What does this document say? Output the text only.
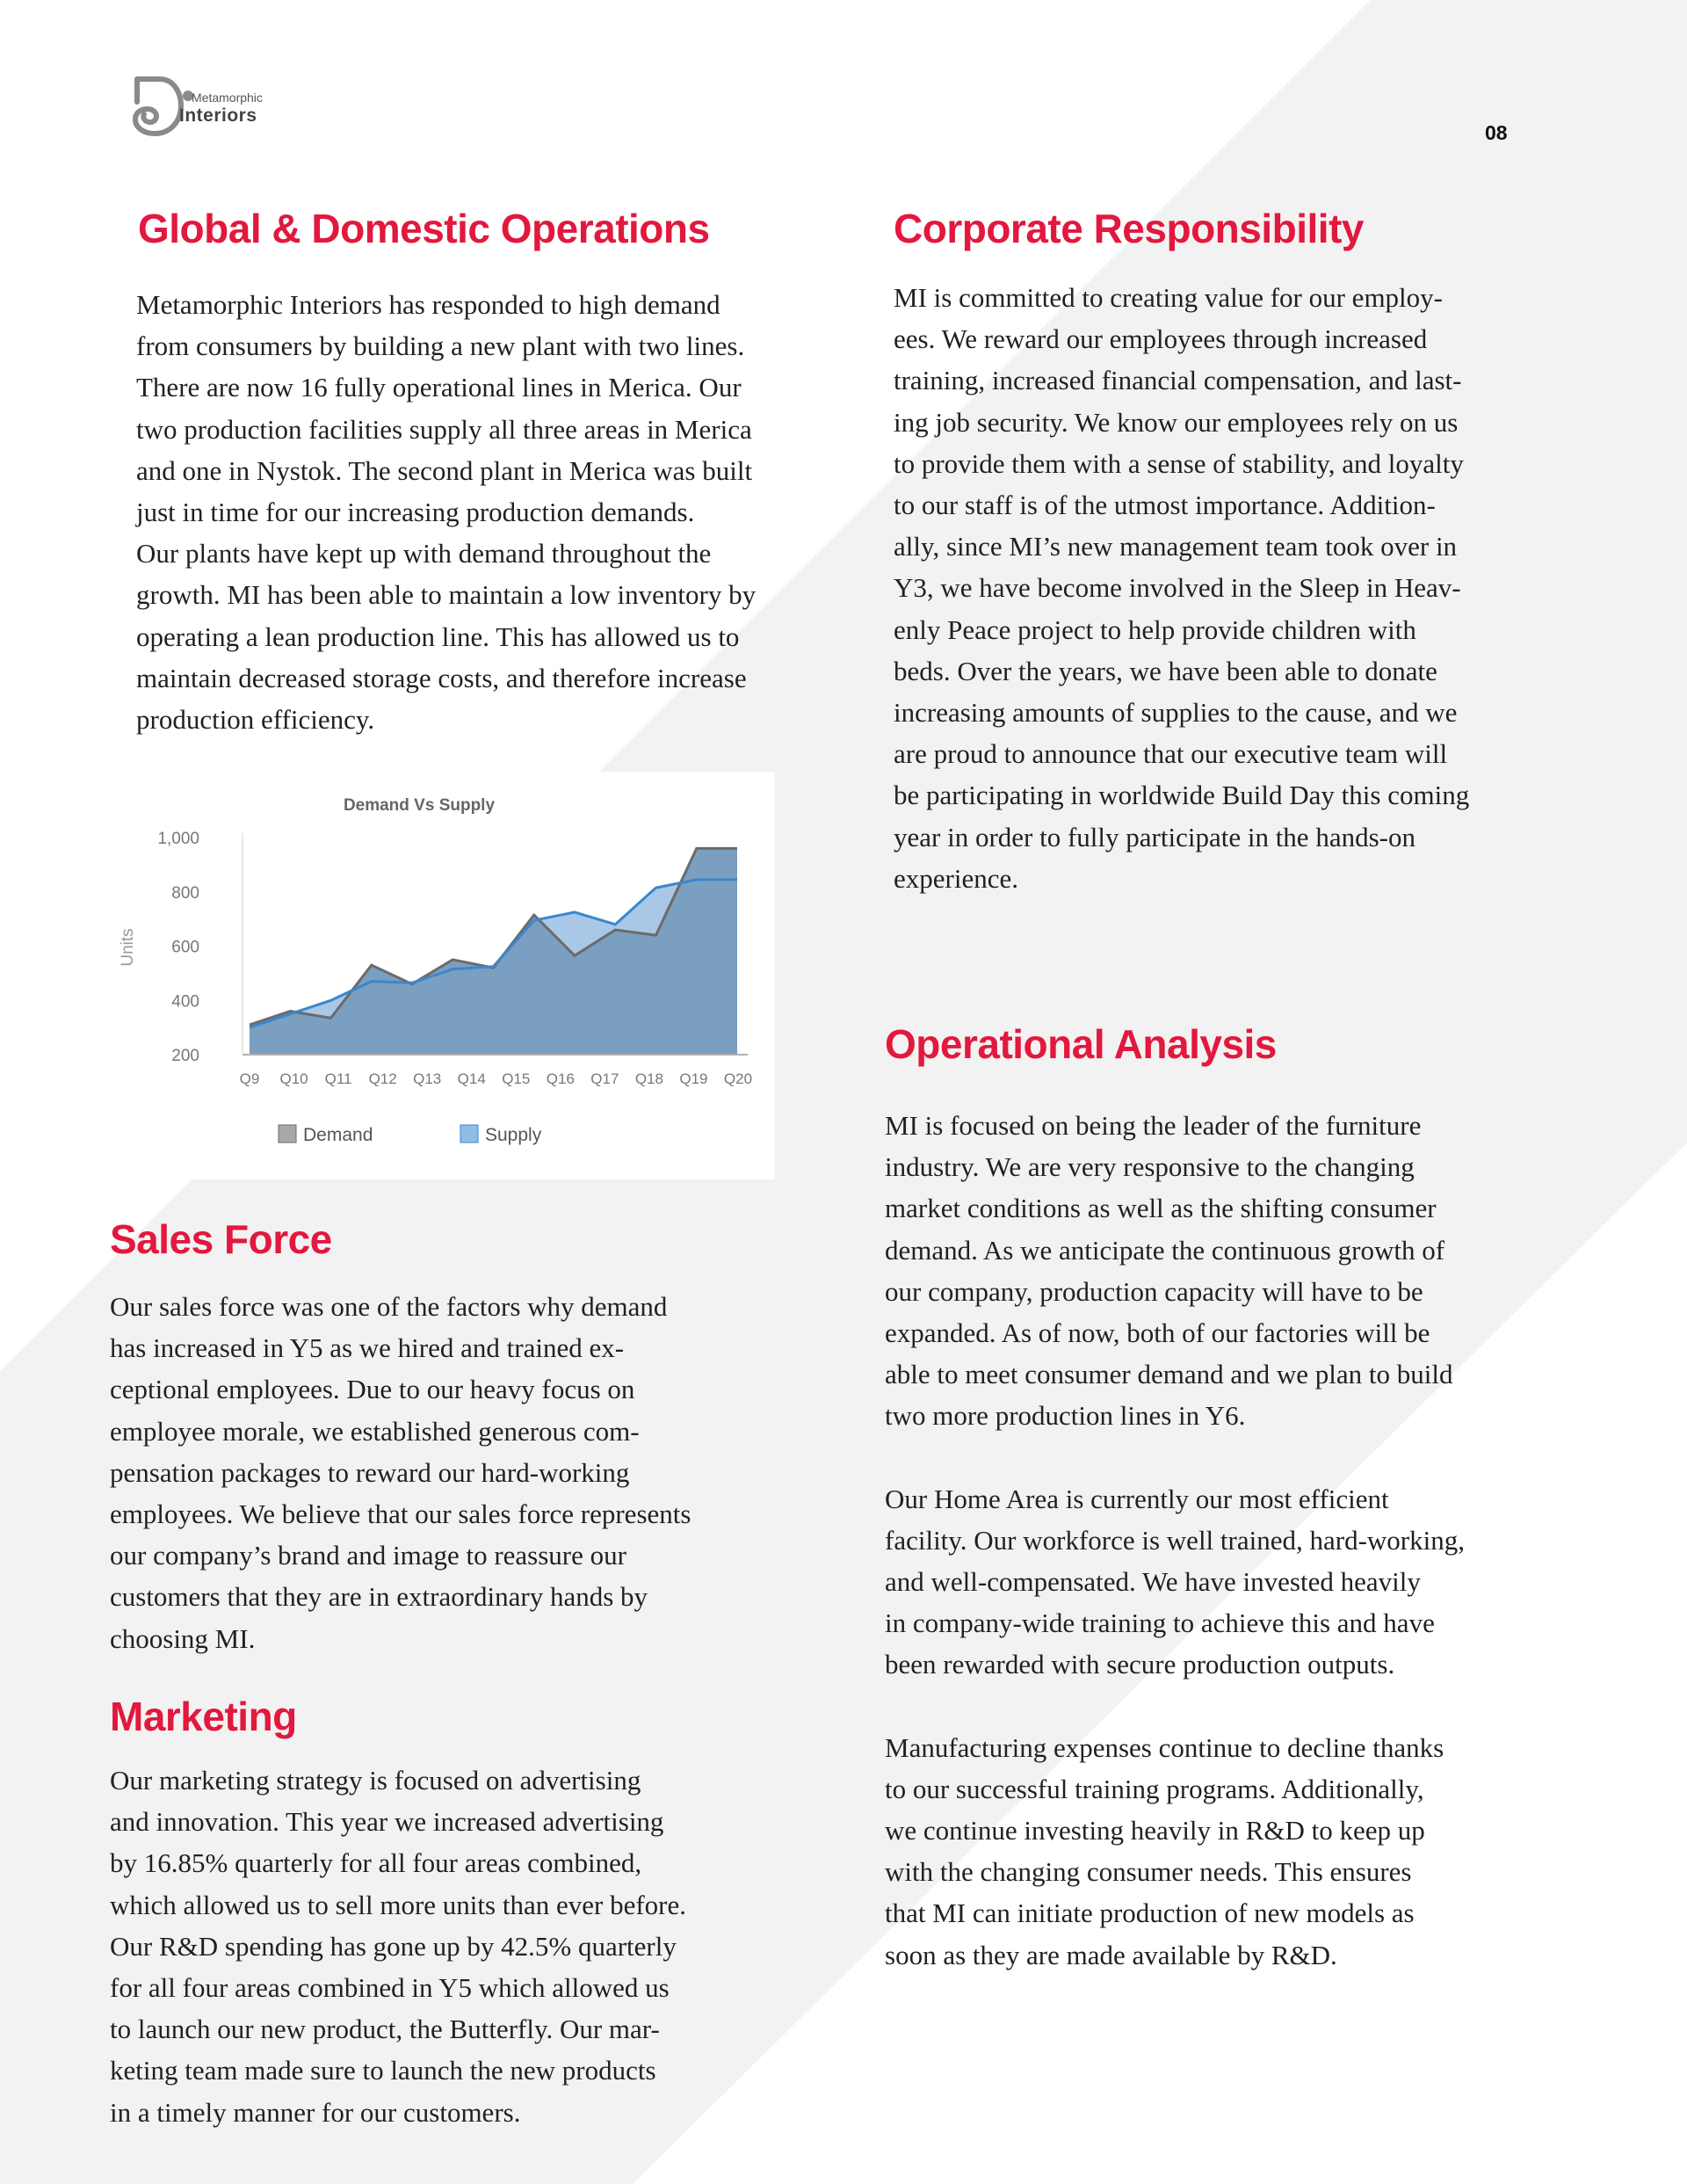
Metamorphic
Interiors
08
Global & Domestic Operations
Metamorphic Interiors has responded to high demand
from consumers by building a new plant with two lines.
There are now 16 fully operational lines in Merica. Our
two production facilities supply all three areas in Merica
and one in Nystok. The second plant in Merica was built
just in time for our increasing production demands.
Our plants have kept up with demand throughout the
growth. MI has been able to maintain a low inventory by
operating a lean production line. This has allowed us to
maintain decreased storage costs, and therefore increase
production efficiency.
200
400
600
800
1,000
Q9 Q10 Q11 Q12 Q13 Q14 Q15 Q16 Q17 Q18 Q19 Q20
Demand Vs Supply
Units
Demand	Supply
Sales Force
Our sales force was one of the factors why demand
has increased in Y5 as we hired and trained ex-
ceptional employees. Due to our heavy focus on
employee morale, we established generous com-
pensation packages to reward our hard-working
employees. We believe that our sales force represents
our company’s brand and image to reassure our
customers that they are in extraordinary hands by
choosing MI.
Marketing
Our marketing strategy is focused on advertising
and innovation. This year we increased advertising
by 16.85% quarterly for all four areas combined,
which allowed us to sell more units than ever before.
Our R&D spending has gone up by 42.5% quarterly
for all four areas combined in Y5 which allowed us
to launch our new product, the Butterfly. Our mar-
keting team made sure to launch the new products
in a timely manner for our customers.
Corporate Responsibility
MI is committed to creating value for our employ-
ees. We reward our employees through increased
training, increased financial compensation, and last-
ing job security. We know our employees rely on us
to provide them with a sense of stability, and loyalty
to our staff is of the utmost importance. Addition-
ally, since MI’s new management team took over in
Y3, we have become involved in the Sleep in Heav-
enly Peace project to help provide children with
beds. Over the years, we have been able to donate
increasing amounts of supplies to the cause, and we
are proud to announce that our executive team will
be participating in worldwide Build Day this coming
year in order to fully participate in the hands-on
experience.
Operational Analysis
MI is focused on being the leader of the furniture
industry. We are very responsive to the changing
market conditions as well as the shifting consumer
demand. As we anticipate the continuous growth of
our company, production capacity will have to be
expanded. As of now, both of our factories will be
able to meet consumer demand and we plan to build
two more production lines in Y6.
Our Home Area is currently our most efficient
facility. Our workforce is well trained, hard-working,
and well-compensated. We have invested heavily
in company-wide training to achieve this and have
been rewarded with secure production outputs.
Manufacturing expenses continue to decline thanks
to our successful training programs. Additionally,
we continue investing heavily in R&D to keep up
with the changing consumer needs. This ensures
that MI can initiate production of new models as
soon as they are made available by R&D.
